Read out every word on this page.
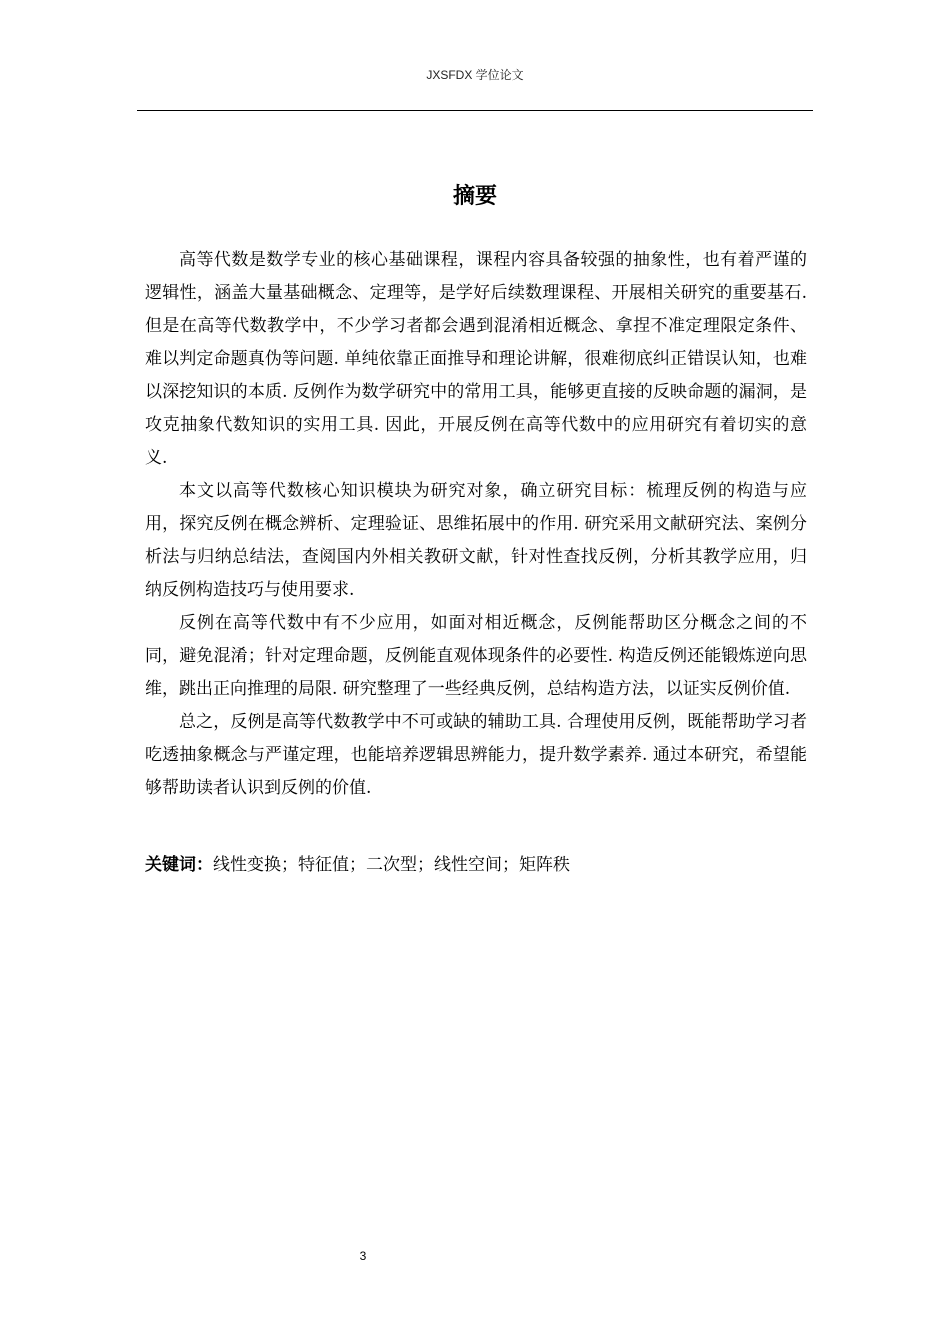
JXSFDX 学位论文
摘要

高等代数是数学专业的核心基础课程，课程内容具备较强的抽象性，也有着严谨的逻辑性，涵盖大量基础概念、定理等，是学好后续数理课程、开展相关研究的重要基石. 但是在高等代数教学中，不少学习者都会遇到混淆相近概念、拿捏不准定理限定条件、难以判定命题真伪等问题. 单纯依靠正面推导和理论讲解，很难彻底纠正错误认知，也难以深挖知识的本质. 反例作为数学研究中的常用工具，能够更直接的反映命题的漏洞，是攻克抽象代数知识的实用工具. 因此，开展反例在高等代数中的应用研究有着切实的意义.

本文以高等代数核心知识模块为研究对象，确立研究目标：梳理反例的构造与应用，探究反例在概念辨析、定理验证、思维拓展中的作用. 研究采用文献研究法、案例分析法与归纳总结法，查阅国内外相关教研文献，针对性查找反例，分析其教学应用，归纳反例构造技巧与使用要求.

反例在高等代数中有不少应用，如面对相近概念，反例能帮助区分概念之间的不同，避免混淆；针对定理命题，反例能直观体现条件的必要性. 构造反例还能锻炼逆向思维，跳出正向推理的局限. 研究整理了一些经典反例，总结构造方法，以证实反例价值.

总之，反例是高等代数教学中不可或缺的辅助工具. 合理使用反例，既能帮助学习者吃透抽象概念与严谨定理，也能培养逻辑思辨能力，提升数学素养. 通过本研究，希望能够帮助读者认识到反例的价值.

关键词：线性变换；特征值；二次型；线性空间；矩阵秩
3
